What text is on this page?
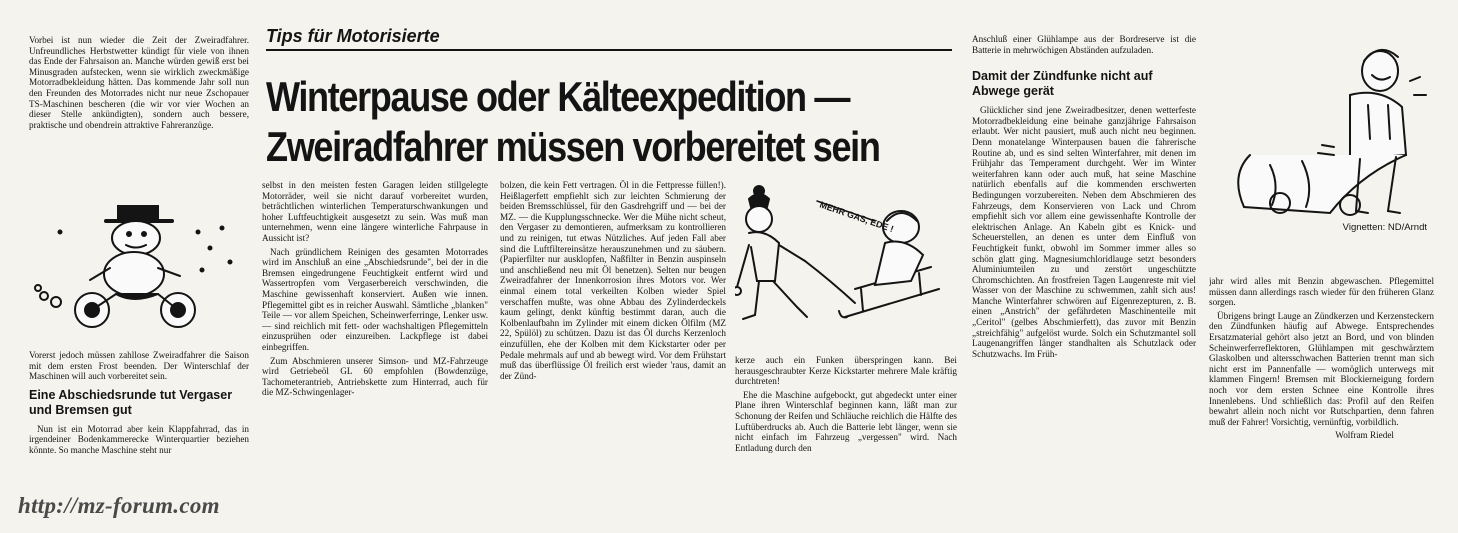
Vorbei ist nun wieder die Zeit der Zweiradfahrer. Unfreundliches Herbstwetter kündigt für viele von ihnen das Ende der Fahrsaison an. Manche würden gewiß erst bei Minusgraden aufstecken, wenn sie wirklich zweckmäßige Motorradbekleidung hätten. Das kommende Jahr soll nun den Freunden des Motorrades nicht nur neue Zschopauer TS-Maschinen bescheren (die wir vor vier Wochen an dieser Stelle ankündigten), sondern auch bessere, praktische und obendrein attraktive Fahreranzüge.

Vorerst jedoch müssen zahllose Zweiradfahrer die Saison mit dem ersten Frost beenden. Der Winterschlaf der Maschinen will auch vorbereitet sein.

Eine Abschiedsrunde tut Vergaser und Bremsen gut

Nun ist ein Motorrad aber kein Klappfahrrad, das in irgendeiner Bodenkammerecke Winterquartier beziehen könnte. So manche Maschine steht nur

Tips für Motorisierte
Winterpause oder Kälteexpedition —
Zweiradfahrer müssen vorbereitet sein

selbst in den meisten festen Garagen leiden stillgelegte Motorräder, weil sie nicht darauf vorbereitet wurden, beträchtlichen winterlichen Temperaturschwankungen und hoher Luftfeuchtigkeit ausgesetzt zu sein. Was muß man unternehmen, wenn eine längere winterliche Fahrpause in Aussicht ist?

Nach gründlichem Reinigen des gesamten Motorrades wird im Anschluß an eine „Abschiedsrunde", bei der in die Bremsen eingedrungene Feuchtigkeit entfernt wird und Wassertropfen vom Vergaserbereich verschwinden, die Maschine gewissenhaft konserviert. Außen wie innen. Pflegemittel gibt es in reicher Auswahl. Sämtliche „blanken" Teile — vor allem Speichen, Scheinwerferringe, Lenker usw. — sind reichlich mit fett- oder wachshaltigen Pflegemitteln einzusprühen oder einzureiben. Lackpflege ist dabei einbegriffen.

Zum Abschmieren unserer Simson- und MZ-Fahrzeuge wird Getriebeöl GL 60 empfohlen (Bowdenzüge, Tachometerantrieb, Antriebskette zum Hinterrad, auch für die MZ-Schwingenlager-

bolzen, die kein Fett vertragen. Öl in die Fettpresse füllen!). Heißlagerfett empfiehlt sich zur leichten Schmierung der beiden Bremsschlüssel, für den Gasdrehgriff und — bei der MZ. — die Kupplungsschnecke. Wer die Mühe nicht scheut, den Vergaser zu demontieren, aufmerksam zu kontrollieren und zu reinigen, tut etwas Nützliches. Auf jeden Fall aber sind die Luftfiltereinsätze herauszunehmen und zu säubern. (Papierfilter nur ausklopfen, Naßfilter in Benzin auspinseln und anschließend neu mit Öl benetzen). Selten nur beugen Zweiradfahrer der Innenkorrosion ihres Motors vor. Wer einmal einem total verkeilten Kolben wieder Spiel verschaffen mußte, was ohne Abbau des Zylinderdeckels kaum gelingt, denkt künftig bestimmt daran, auch die Kolbenlaufbahn im Zylinder mit einem dicken Ölfilm (MZ 22, Spülöl) zu schützen. Dazu ist das Öl durchs Kerzenloch einzufüllen, ehe der Kolben mit dem Kickstarter oder per Pedale mehrmals auf und ab bewegt wird. Vor dem Frühstart muß das überflüssige Öl freilich erst wieder 'raus, damit an der Zünd-

MEHR GAS, EDE !

kerze auch ein Funken überspringen kann. Bei herausgeschraubter Kerze Kickstarter mehrere Male kräftig durchtreten!

Ehe die Maschine aufgebockt, gut abgedeckt unter einer Plane ihren Winterschlaf beginnen kann, läßt man zur Schonung der Reifen und Schläuche reichlich die Hälfte des Luftüberdrucks ab. Auch die Batterie lebt länger, wenn sie nicht einfach im Fahrzeug „vergessen" wird. Nach Entladung durch den

Anschluß einer Glühlampe aus der Bordreserve ist die Batterie in mehrwöchigen Abständen aufzuladen.

Damit der Zündfunke nicht auf Abwege gerät

Glücklicher sind jene Zweiradbesitzer, denen wetterfeste Motorradbekleidung eine beinahe ganzjährige Fahrsaison erlaubt. Wer nicht pausiert, muß auch nicht neu beginnen. Denn monatelange Winterpausen bauen die fahrerische Routine ab, und es sind selten Winterfahrer, mit denen im Frühjahr das Temperament durchgeht. Wer im Winter weiterfahren kann oder auch muß, hat seine Maschine natürlich ebenfalls auf die kommenden erschwerten Bedingungen vorzubereiten. Neben dem Abschmieren des Fahrzeugs, dem Konservieren von Lack und Chrom empfiehlt sich vor allem eine gewissenhafte Kontrolle der elektrischen Anlage. An Kabeln gibt es Knick- und Scheuerstellen, an denen es unter dem Einfluß von Feuchtigkeit funkt, obwohl im Sommer immer alles so schön glatt ging. Magnesiumchloridlauge setzt besonders Aluminiumteilen zu und zerstört ungeschützte Chromschichten. An frostfreien Tagen Laugenreste mit viel Wasser von der Maschine zu schwemmen, zahlt sich aus! Manche Winterfahrer schwören auf Eigenrezepturen, z. B. einen „Anstrich" der gefährdeten Maschinenteile mit „Ceritol" (gelbes Abschmierfett), das zuvor mit Benzin „streichfähig" aufgelöst wurde. Solch ein Schutzmantel soll Laugenangriffen länger standhalten als Schutzlack oder Schutzwachs. Im Früh-

Vignetten: ND/Arndt

jahr wird alles mit Benzin abgewaschen. Pflegemittel müssen dann allerdings rasch wieder für den früheren Glanz sorgen.

Übrigens bringt Lauge an Zündkerzen und Kerzensteckern den Zündfunken häufig auf Abwege. Entsprechendes Ersatzmaterial gehört also jetzt an Bord, und von blinden Scheinwerferreflektoren, Glühlampen mit geschwärztem Glaskolben und altersschwachen Batterien trennt man sich nicht erst im Pannenfalle — womöglich unterwegs mit klammen Fingern! Bremsen mit Blockierneigung fordern noch vor dem ersten Schnee eine Kontrolle ihres Innenlebens. Und schließlich das: Profil auf den Reifen bewahrt allein noch nicht vor Rutschpartien, denn fahren muß der Fahrer! Vorsichtig, vernünftig, vorbildlich.

Wolfram Riedel

http://mz-forum.com
